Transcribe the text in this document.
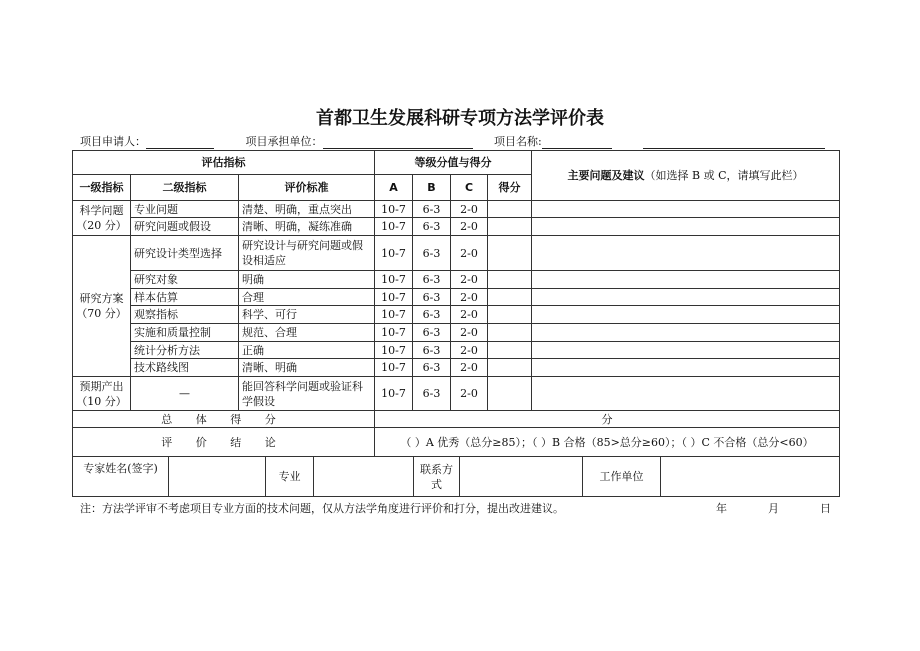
首都卫生发展科研专项方法学评价表
项目申请人：	项目承担单位：	项目名称:
评估指标			等级分值与得分				主要问题及建议（如选择 B 或 C，请填写此栏）
一级指标	二级指标	评价标准	A	B	C	得分	

科学问题
（20 分）	专业问题	清楚、明确，重点突出	10-7	6-3	2-0		
	研究问题或假设	清晰、明确，凝练准确	10-7	6-3	2-0		

研究方案
（70 分）	研究设计类型选择	研究设计与研究问题或假设相适应	10-7	6-3	2-0		
	研究对象	明确	10-7	6-3	2-0		
	样本估算	合理	10-7	6-3	2-0		
	观察指标	科学、可行	10-7	6-3	2-0		
	实施和质量控制	规范、合理	10-7	6-3	2-0		
	统计分析方法	正确	10-7	6-3	2-0		
	技术路线图	清晰、明确	10-7	6-3	2-0		

预期产出
（10 分）	—	能回答科学问题或验证科学假设	10-7	6-3	2-0		
总 体 得 分			分				
评 价 结 论			（ ）A 优秀（总分≥85）；（ ）B 合格（85>总分≥60）；（ ）C 不合格（总分<60）				
专家姓名(签字)		专业		联系方式		工作单位	
注：方法学评审不考虑项目专业方面的技术问题，仅从方法学角度进行评价和打分，提出改进建议。	年	月	日
